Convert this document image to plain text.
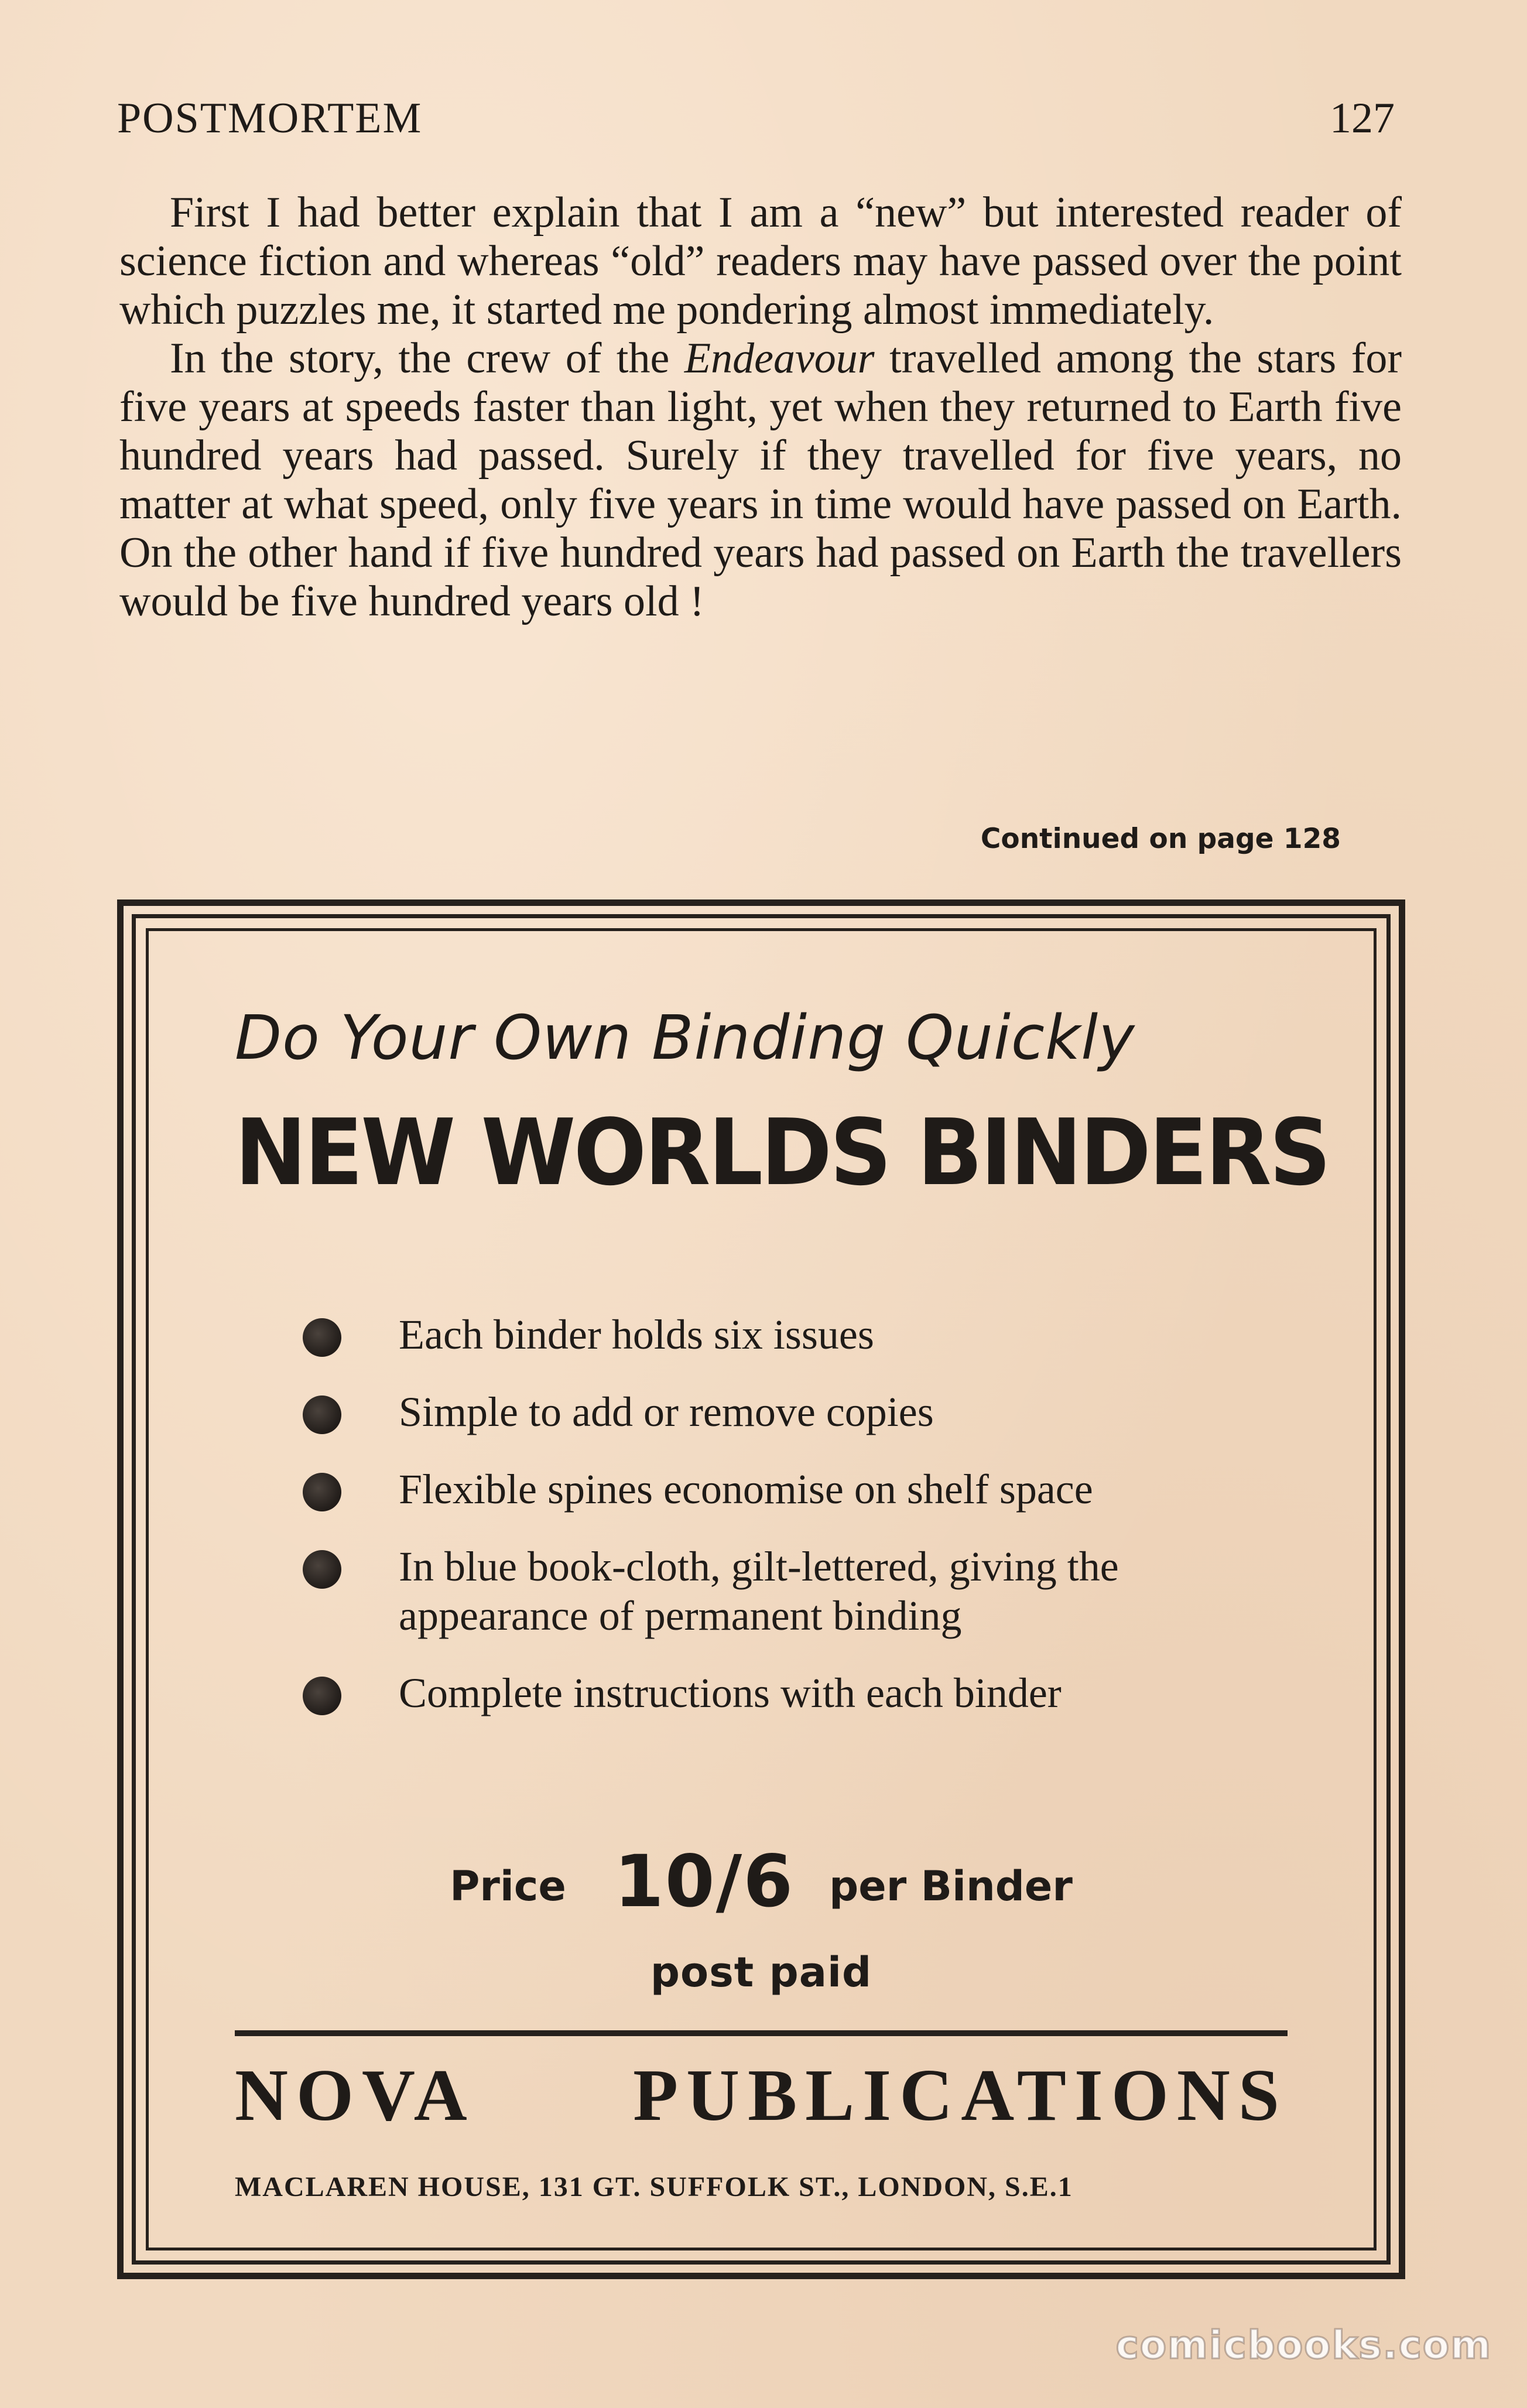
POSTMORTEM	127

First I had better explain that I am a “new” but interested reader of science fiction and whereas “old” readers may have passed over the point which puzzles me, it started me pondering almost immediately.

In the story, the crew of the Endeavour travelled among the stars for five years at speeds faster than light, yet when they returned to Earth five hundred years had passed. Surely if they travelled for five years, no matter at what speed, only five years in time would have passed on Earth. On the other hand if five hundred years had passed on Earth the travellers would be five hundred years old !

Continued on page 128
Do Your Own Binding Quickly
NEW WORLDS BINDERS
Each binder holds six issues
Simple to add or remove copies
Flexible spines economise on shelf space
In blue book-cloth, gilt-lettered, giving the appearance of permanent binding
Complete instructions with each binder
Price 10/6 per Binder
post paid
NOVA PUBLICATIONS
MACLAREN HOUSE, 131 GT. SUFFOLK ST., LONDON, S.E.1
comicbooks.com
